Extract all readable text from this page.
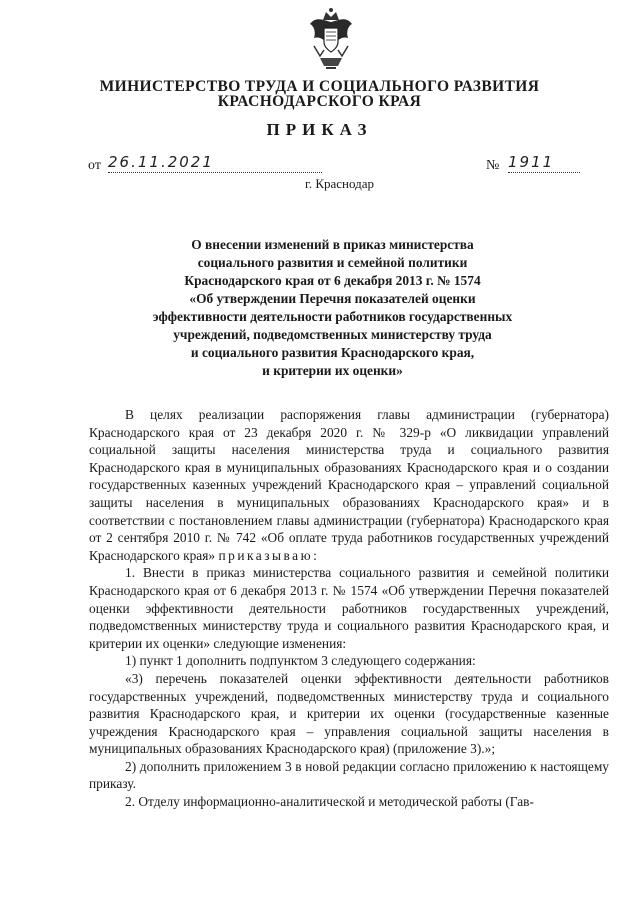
МИНИСТЕРСТВО ТРУДА И СОЦИАЛЬНОГО РАЗВИТИЯ
КРАСНОДАРСКОГО КРАЯ
ПРИКАЗ
от 26.11.2021	№ 1911
г. Краснодар
О внесении изменений в приказ министерства
социального развития и семейной политики
Краснодарского края от 6 декабря 2013 г. № 1574
«Об утверждении Перечня показателей оценки
эффективности деятельности работников государственных
учреждений, подведомственных министерству труда
и социального развития Краснодарского края,
и критерии их оценки»

В целях реализации распоряжения главы администрации (губернатора) Краснодарского края от 23 декабря 2020 г. № 329-р «О ликвидации управлений социальной защиты населения министерства труда и социального развития Краснодарского края в муниципальных образованиях Краснодарского края и о создании государственных казенных учреждений Краснодарского края – управлений социальной защиты населения в муниципальных образованиях Краснодарского края» и в соответствии с постановлением главы администрации (губернатора) Краснодарского края от 2 сентября 2010 г. № 742 «Об оплате труда работников государственных учреждений Краснодарского края» приказываю:

1. Внести в приказ министерства социального развития и семейной политики Краснодарского края от 6 декабря 2013 г. № 1574 «Об утверждении Перечня показателей оценки эффективности деятельности работников государственных учреждений, подведомственных министерству труда и социального развития Краснодарского края, и критерии их оценки» следующие изменения:

1) пункт 1 дополнить подпунктом 3 следующего содержания:

«3) перечень показателей оценки эффективности деятельности работников государственных учреждений, подведомственных министерству труда и социального развития Краснодарского края, и критерии их оценки (государственные казенные учреждения Краснодарского края – управления социальной защиты населения в муниципальных образованиях Краснодарского края) (приложение 3).»;

2) дополнить приложением 3 в новой редакции согласно приложению к настоящему приказу.

2. Отделу информационно-аналитической и методической работы (Гав-
